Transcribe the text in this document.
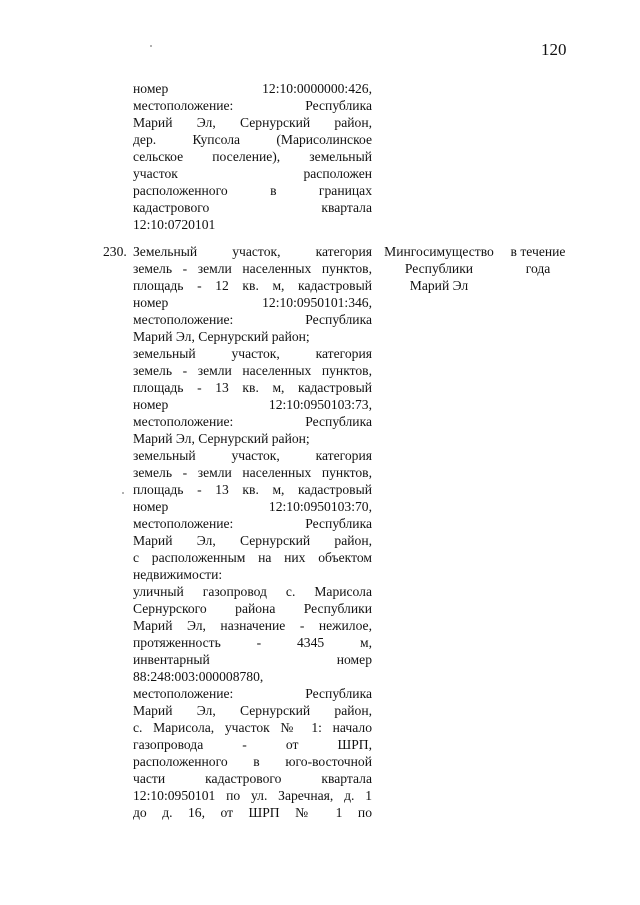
120
номер 12:10:0000000:426,
местоположение: Республика
Марий Эл, Сернурский район,
дер. Купсола (Марисолинское
сельское поселение), земельный
участок расположен
расположенного в границах
кадастрового квартала
12:10:0720101
230. Земельный участок, категория
земель - земли населенных пунктов,
площадь - 12 кв. м, кадастровый
номер 12:10:0950101:346,
местоположение: Республика
Марий Эл, Сернурский район;
земельный участок, категория
земель - земли населенных пунктов,
площадь - 13 кв. м, кадастровый
номер 12:10:0950103:73,
местоположение: Республика
Марий Эл, Сернурский район;
земельный участок, категория
земель - земли населенных пунктов,
площадь - 13 кв. м, кадастровый
номер 12:10:0950103:70,
местоположение: Республика
Марий Эл, Сернурский район,
с расположенным на них объектом
недвижимости:
уличный газопровод с. Марисола
Сернурского района Республики
Марий Эл, назначение - нежилое,
протяженность - 4345 м,
инвентарный номер
88:248:003:000008780,
местоположение: Республика
Марий Эл, Сернурский район,
с. Марисола, участок № 1: начало
газопровода - от ШРП,
расположенного в юго-восточной
части кадастрового квартала
12:10:0950101 по ул. Заречная, д. 1
до д. 16, от ШРП № 1 по
Мингосимущество
Республики
Марий Эл
в течение
года
